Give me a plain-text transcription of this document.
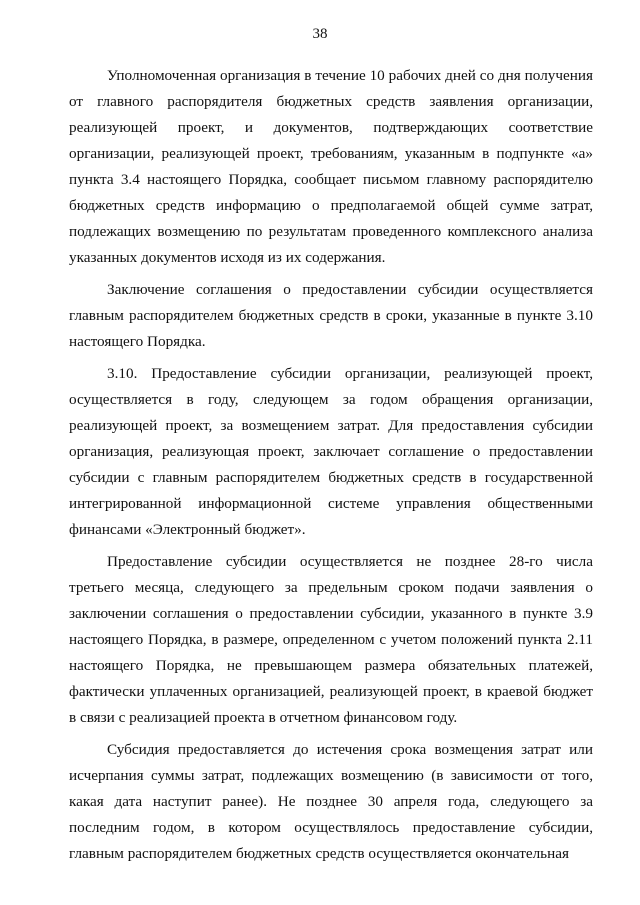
38

Уполномоченная организация в течение 10 рабочих дней со дня получения от главного распорядителя бюджетных средств заявления организации, реализующей проект, и документов, подтверждающих соответствие организации, реализующей проект, требованиям, указанным в подпункте «а» пункта 3.4 настоящего Порядка, сообщает письмом главному распорядителю бюджетных средств информацию о предполагаемой общей сумме затрат, подлежащих возмещению по результатам проведенного комплексного анализа указанных документов исходя из их содержания.

Заключение соглашения о предоставлении субсидии осуществляется главным распорядителем бюджетных средств в сроки, указанные в пункте 3.10 настоящего Порядка.

3.10. Предоставление субсидии организации, реализующей проект, осуществляется в году, следующем за годом обращения организации, реализующей проект, за возмещением затрат. Для предоставления субсидии организация, реализующая проект, заключает соглашение о предоставлении субсидии с главным распорядителем бюджетных средств в государственной интегрированной информационной системе управления общественными финансами «Электронный бюджет».

Предоставление субсидии осуществляется не позднее 28-го числа третьего месяца, следующего за предельным сроком подачи заявления о заключении соглашения о предоставлении субсидии, указанного в пункте 3.9 настоящего Порядка, в размере, определенном с учетом положений пункта 2.11 настоящего Порядка, не превышающем размера обязательных платежей, фактически уплаченных организацией, реализующей проект, в краевой бюджет в связи с реализацией проекта в отчетном финансовом году.

Субсидия предоставляется до истечения срока возмещения затрат или исчерпания суммы затрат, подлежащих возмещению (в зависимости от того, какая дата наступит ранее). Не позднее 30 апреля года, следующего за последним годом, в котором осуществлялось предоставление субсидии, главным распорядителем бюджетных средств осуществляется окончательная
